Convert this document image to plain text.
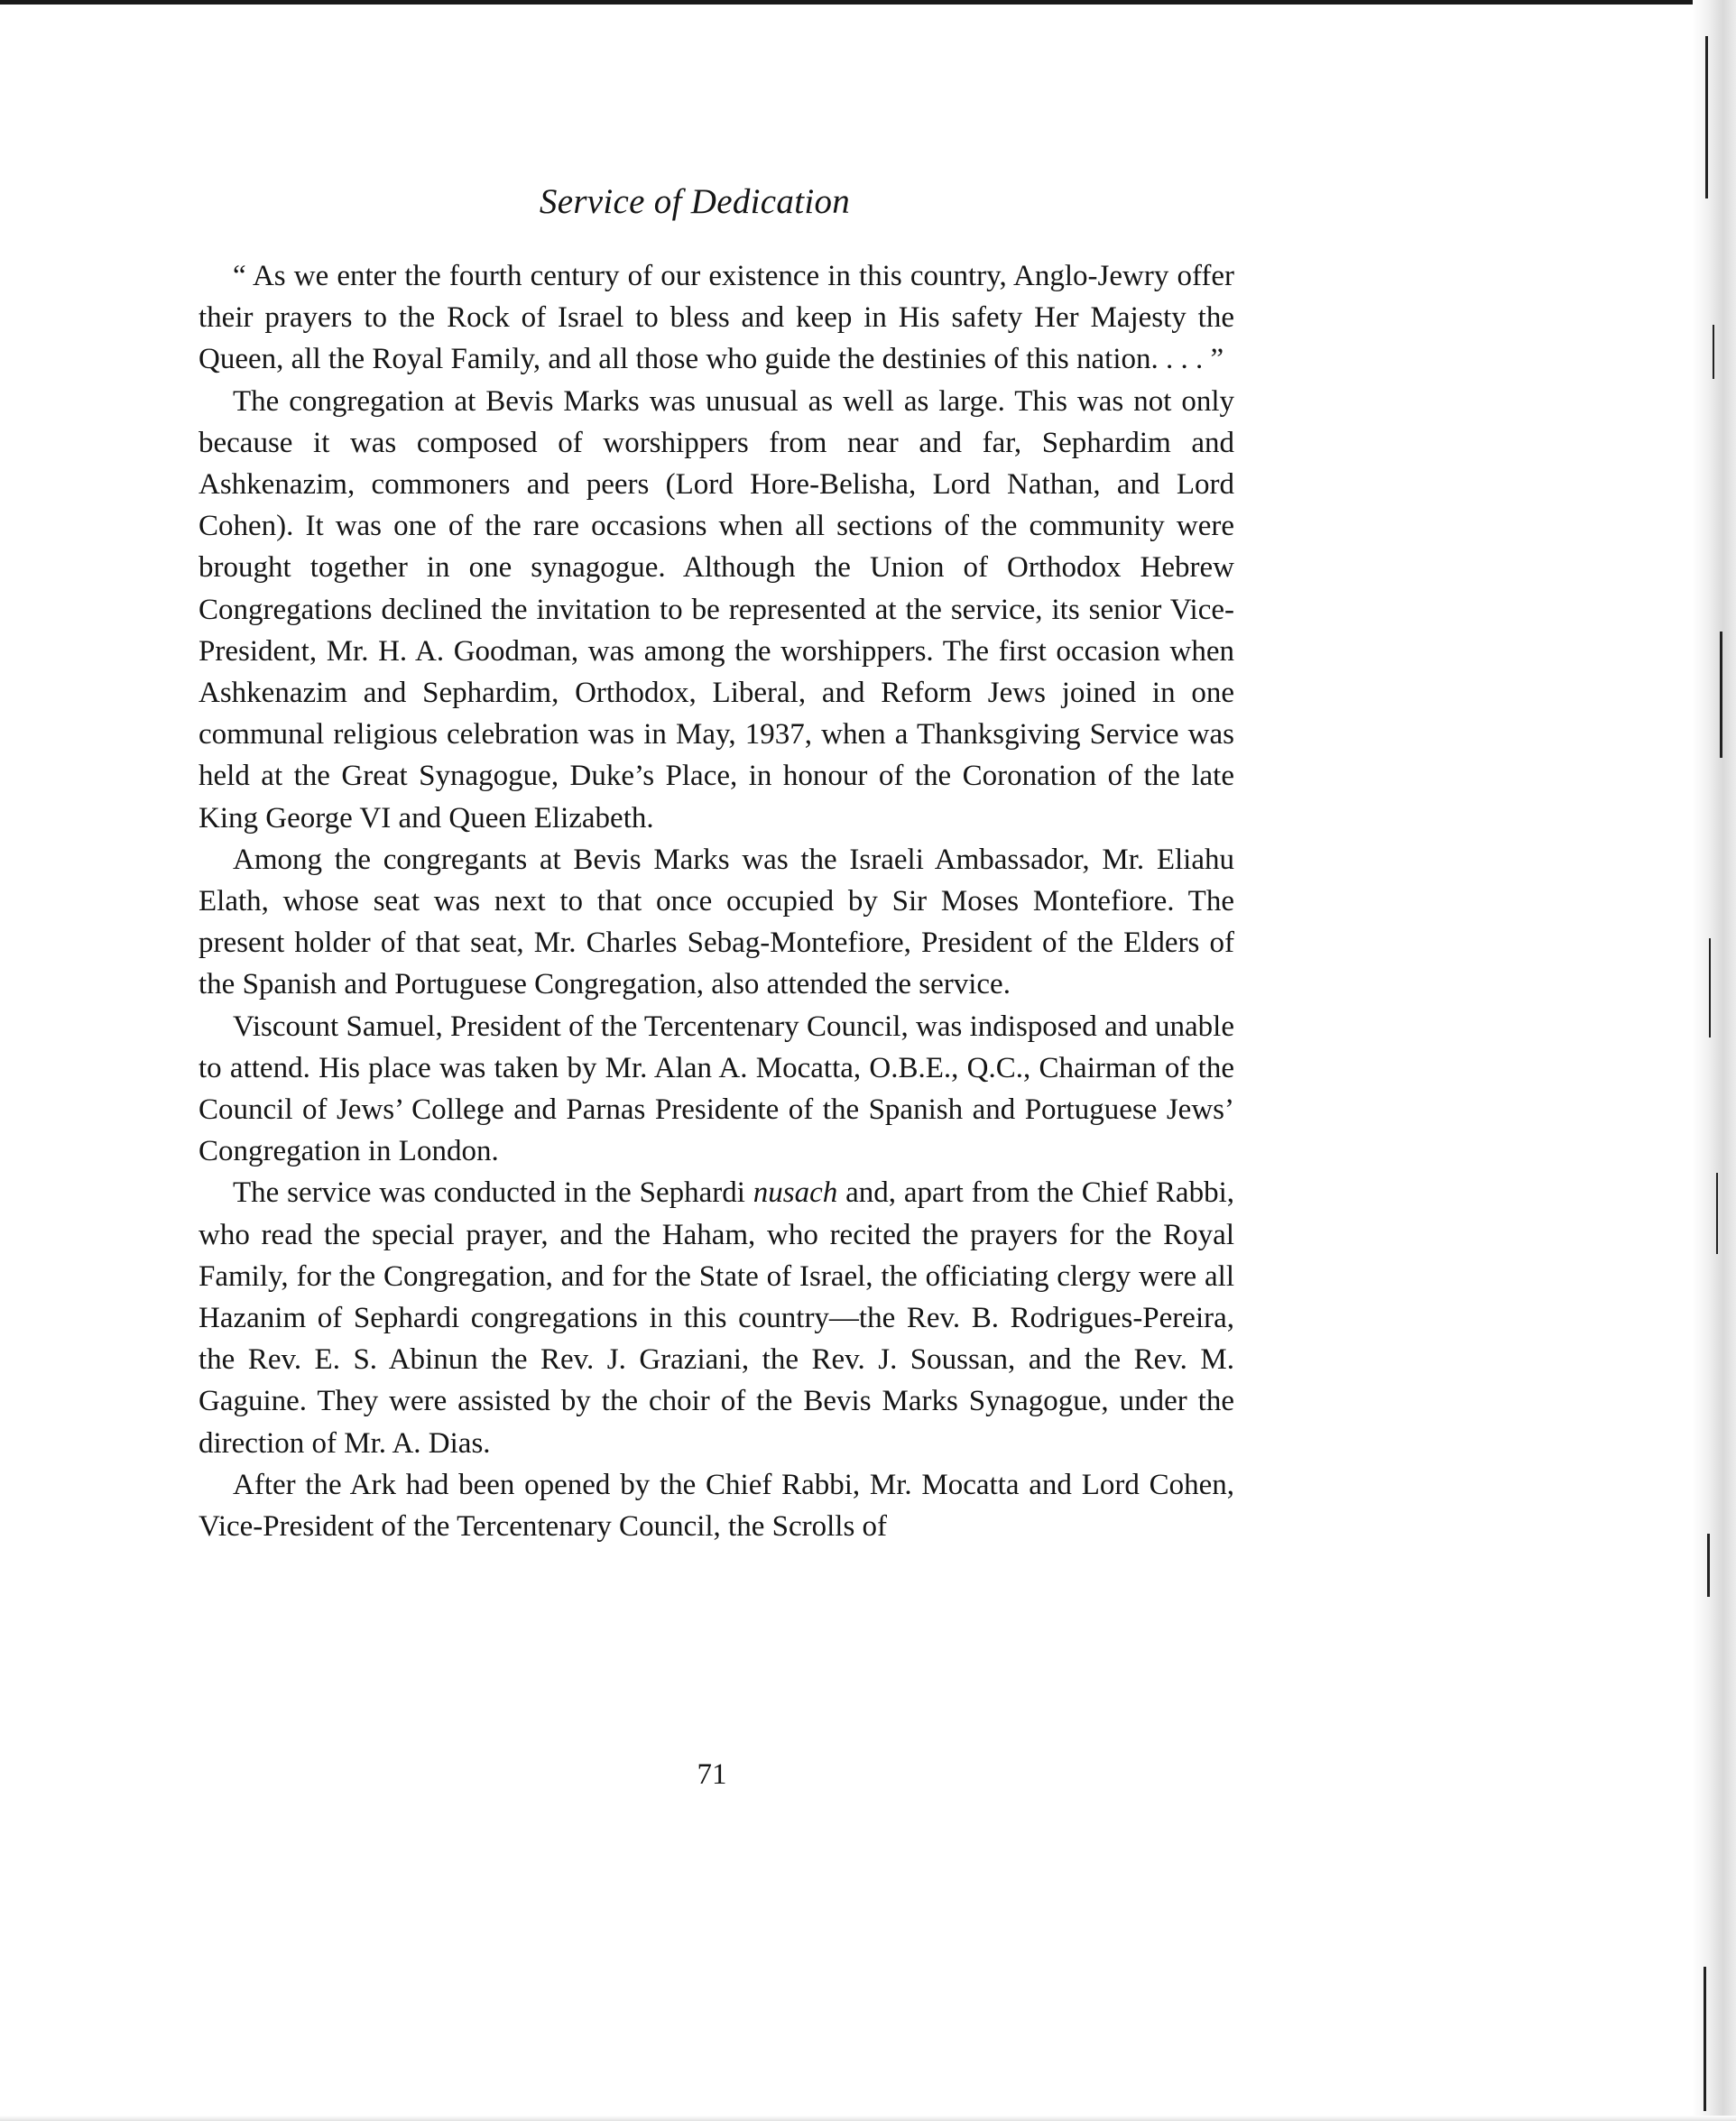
Service of Dedication

“ As we enter the fourth century of our existence in this country, Anglo-Jewry offer their prayers to the Rock of Israel to bless and keep in His safety Her Majesty the Queen, all the Royal Family, and all those who guide the destinies of this nation. . . . ”

The congregation at Bevis Marks was unusual as well as large. This was not only because it was composed of worshippers from near and far, Sephardim and Ashkenazim, commoners and peers (Lord Hore-Belisha, Lord Nathan, and Lord Cohen). It was one of the rare occasions when all sections of the community were brought together in one synagogue. Although the Union of Orthodox Hebrew Congregations declined the invitation to be represented at the service, its senior Vice-President, Mr. H. A. Goodman, was among the worshippers. The first occasion when Ashkenazim and Sephardim, Orthodox, Liberal, and Reform Jews joined in one communal religious celebration was in May, 1937, when a Thanksgiving Service was held at the Great Synagogue, Duke’s Place, in honour of the Coronation of the late King George VI and Queen Elizabeth.

Among the congregants at Bevis Marks was the Israeli Ambassador, Mr. Eliahu Elath, whose seat was next to that once occupied by Sir Moses Montefiore. The present holder of that seat, Mr. Charles Sebag-Montefiore, President of the Elders of the Spanish and Portuguese Congregation, also attended the service.

Viscount Samuel, President of the Tercentenary Council, was indisposed and unable to attend. His place was taken by Mr. Alan A. Mocatta, O.B.E., Q.C., Chairman of the Council of Jews’ College and Parnas Presidente of the Spanish and Portuguese Jews’ Congregation in London.

The service was conducted in the Sephardi nusach and, apart from the Chief Rabbi, who read the special prayer, and the Haham, who recited the prayers for the Royal Family, for the Congregation, and for the State of Israel, the officiating clergy were all Hazanim of Sephardi congregations in this country—the Rev. B. Rodrigues-Pereira, the Rev. E. S. Abinun the Rev. J. Graziani, the Rev. J. Soussan, and the Rev. M. Gaguine. They were assisted by the choir of the Bevis Marks Synagogue, under the direction of Mr. A. Dias.

After the Ark had been opened by the Chief Rabbi, Mr. Mocatta and Lord Cohen, Vice-President of the Tercentenary Council, the Scrolls of

71
